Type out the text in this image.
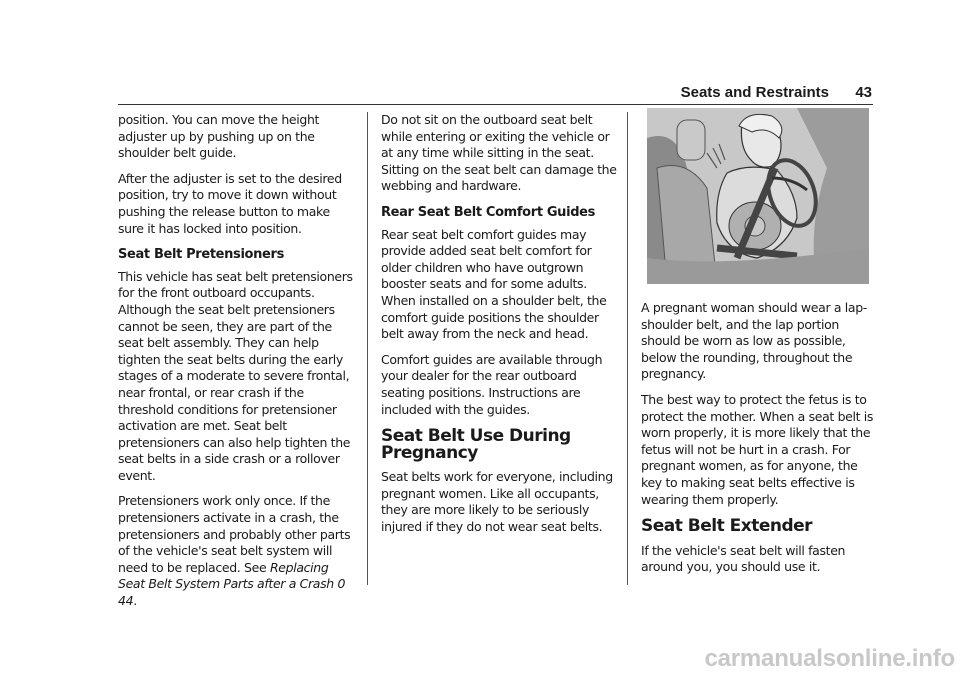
Seats and Restraints 43

position. You can move the height adjuster up by pushing up on the shoulder belt guide.

After the adjuster is set to the desired position, try to move it down without pushing the release button to make sure it has locked into position.

Seat Belt Pretensioners

This vehicle has seat belt pretensioners for the front outboard occupants. Although the seat belt pretensioners cannot be seen, they are part of the seat belt assembly. They can help tighten the seat belts during the early stages of a moderate to severe frontal, near frontal, or rear crash if the threshold conditions for pretensioner activation are met. Seat belt pretensioners can also help tighten the seat belts in a side crash or a rollover event.

Pretensioners work only once. If the pretensioners activate in a crash, the pretensioners and probably other parts of the vehicle's seat belt system will need to be replaced. See Replacing Seat Belt System Parts after a Crash 0 44.

Do not sit on the outboard seat belt while entering or exiting the vehicle or at any time while sitting in the seat. Sitting on the seat belt can damage the webbing and hardware.

Rear Seat Belt Comfort Guides

Rear seat belt comfort guides may provide added seat belt comfort for older children who have outgrown booster seats and for some adults. When installed on a shoulder belt, the comfort guide positions the shoulder belt away from the neck and head.

Comfort guides are available through your dealer for the rear outboard seating positions. Instructions are included with the guides.

Seat Belt Use During Pregnancy

Seat belts work for everyone, including pregnant women. Like all occupants, they are more likely to be seriously injured if they do not wear seat belts.

A pregnant woman should wear a lap-shoulder belt, and the lap portion should be worn as low as possible, below the rounding, throughout the pregnancy.

The best way to protect the fetus is to protect the mother. When a seat belt is worn properly, it is more likely that the fetus will not be hurt in a crash. For pregnant women, as for anyone, the key to making seat belts effective is wearing them properly.

Seat Belt Extender

If the vehicle's seat belt will fasten around you, you should use it.

carmanualsonline.info
